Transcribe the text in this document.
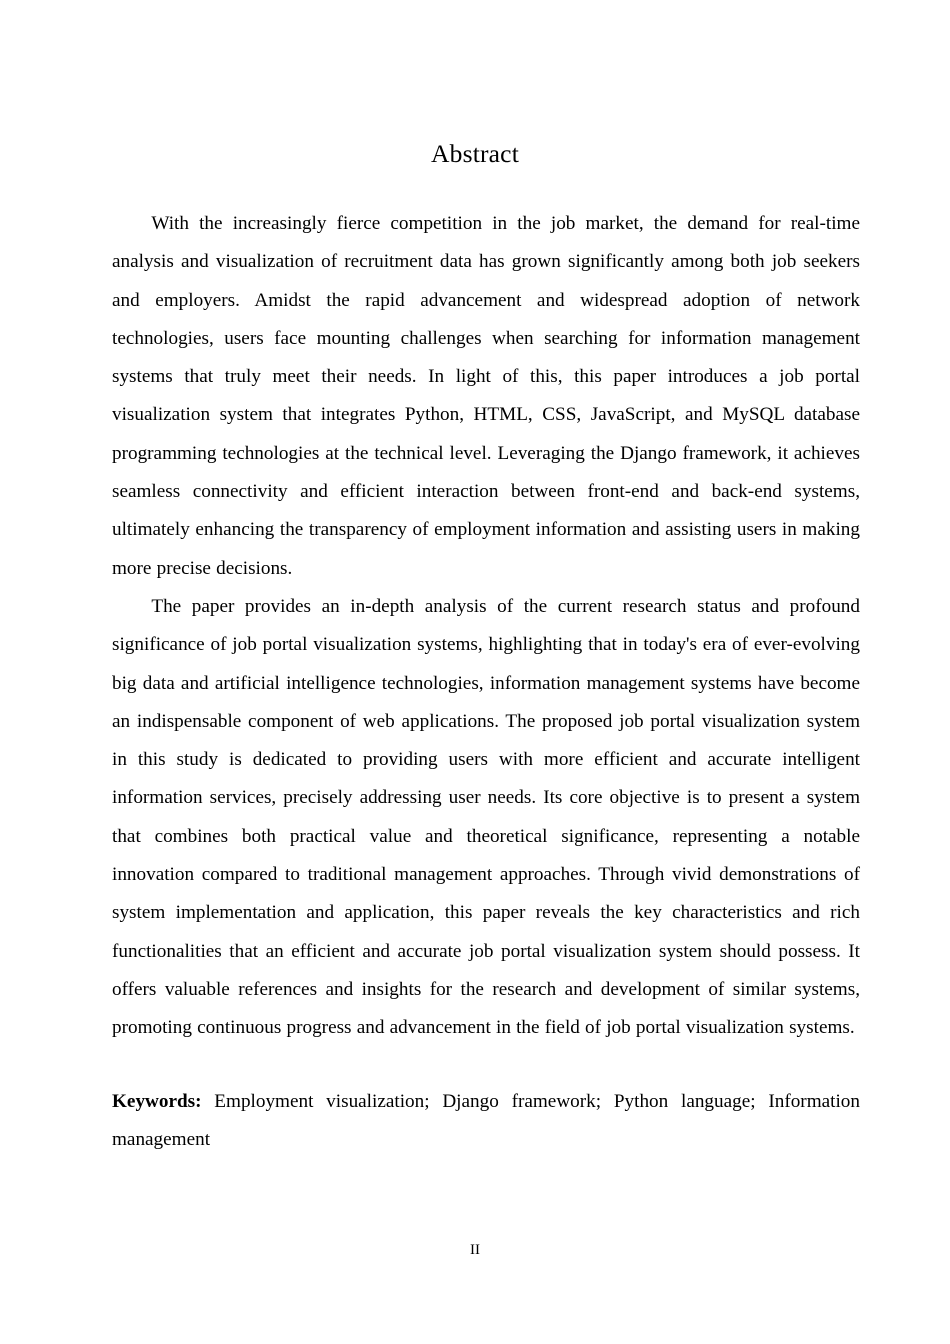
Abstract

With the increasingly fierce competition in the job market, the demand for real-time analysis and visualization of recruitment data has grown significantly among both job seekers and employers. Amidst the rapid advancement and widespread adoption of network technologies, users face mounting challenges when searching for information management systems that truly meet their needs. In light of this, this paper introduces a job portal visualization system that integrates Python, HTML, CSS, JavaScript, and MySQL database programming technologies at the technical level. Leveraging the Django framework, it achieves seamless connectivity and efficient interaction between front-end and back-end systems, ultimately enhancing the transparency of employment information and assisting users in making more precise decisions.

The paper provides an in-depth analysis of the current research status and profound significance of job portal visualization systems, highlighting that in today's era of ever-evolving big data and artificial intelligence technologies, information management systems have become an indispensable component of web applications. The proposed job portal visualization system in this study is dedicated to providing users with more efficient and accurate intelligent information services, precisely addressing user needs. Its core objective is to present a system that combines both practical value and theoretical significance, representing a notable innovation compared to traditional management approaches. Through vivid demonstrations of system implementation and application, this paper reveals the key characteristics and rich functionalities that an efficient and accurate job portal visualization system should possess. It offers valuable references and insights for the research and development of similar systems, promoting continuous progress and advancement in the field of job portal visualization systems.

Keywords: Employment visualization; Django framework; Python language; Information management

II
